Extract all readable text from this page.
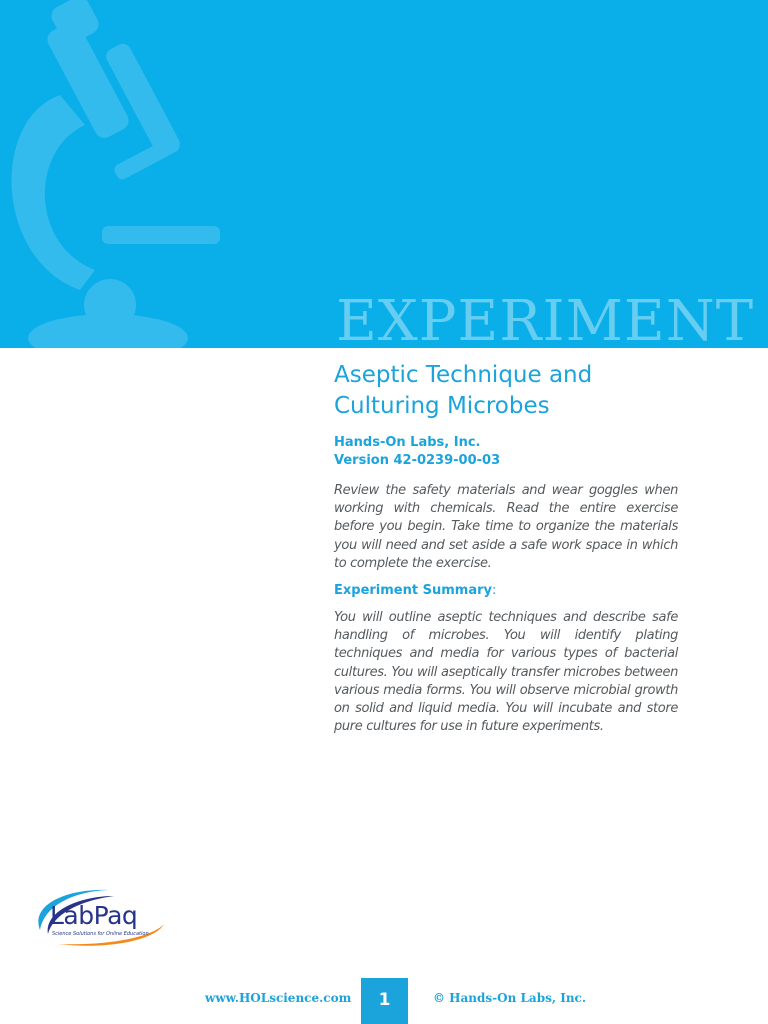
EXPERIMENT
Aseptic Technique and
Culturing Microbes
Hands-On Labs, Inc.
Version 42-0239-00-03
Review the safety materials and wear goggles when working with chemicals. Read the entire exercise before you begin. Take time to organize the materials you will need and set aside a safe work space in which to complete the exercise.
Experiment Summary:
You will outline aseptic techniques and describe safe handling of microbes. You will identify plating techniques and media for various types of bacterial cultures. You will aseptically transfer microbes between various media forms. You will observe microbial growth on solid and liquid media. You will incubate and store pure cultures for use in future experiments.
LabPaq
Science Solutions for Online Education
www.HOLscience.com	1	© Hands-On Labs, Inc.
